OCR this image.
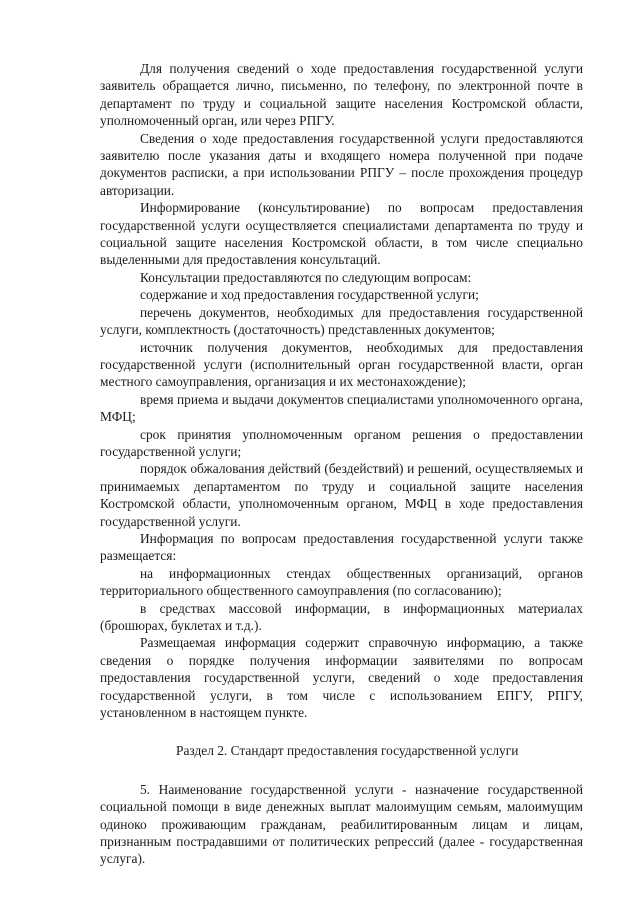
Для получения сведений о ходе предоставления государственной услуги заявитель обращается лично, письменно, по телефону, по электронной почте в департамент по труду и социальной защите населения Костромской области, уполномоченный орган, или через РПГУ.

Сведения о ходе предоставления государственной услуги предоставляются заявителю после указания даты и входящего номера полученной при подаче документов расписки, а при использовании РПГУ – после прохождения процедур авторизации.

Информирование (консультирование) по вопросам предоставления государственной услуги осуществляется специалистами департамента по труду и социальной защите населения Костромской области, в том числе специально выделенными для предоставления консультаций.

Консультации предоставляются по следующим вопросам:

содержание и ход предоставления государственной услуги;

перечень документов, необходимых для предоставления государственной услуги, комплектность (достаточность) представленных документов;

источник получения документов, необходимых для предоставления государственной услуги (исполнительный орган государственной власти, орган местного самоуправления, организация и их местонахождение);

время приема и выдачи документов специалистами уполномоченного органа, МФЦ;

срок принятия уполномоченным органом решения о предоставлении государственной услуги;

порядок обжалования действий (бездействий) и решений, осуществляемых и принимаемых департаментом по труду и социальной защите населения Костромской области, уполномоченным органом, МФЦ в ходе предоставления государственной услуги.

Информация по вопросам предоставления государственной услуги также размещается:

на информационных стендах общественных организаций, органов территориального общественного самоуправления (по согласованию);

в средствах массовой информации, в информационных материалах (брошюрах, буклетах и т.д.).

Размещаемая информация содержит справочную информацию, а также сведения о порядке получения информации заявителями по вопросам предоставления государственной услуги, сведений о ходе предоставления государственной услуги, в том числе с использованием ЕПГУ, РПГУ, установленном в настоящем пункте.

Раздел 2. Стандарт предоставления государственной услуги

5. Наименование государственной услуги - назначение государственной социальной помощи в виде денежных выплат малоимущим семьям, малоимущим одиноко проживающим гражданам, реабилитированным лицам и лицам, признанным пострадавшими от политических репрессий (далее - государственная услуга).
